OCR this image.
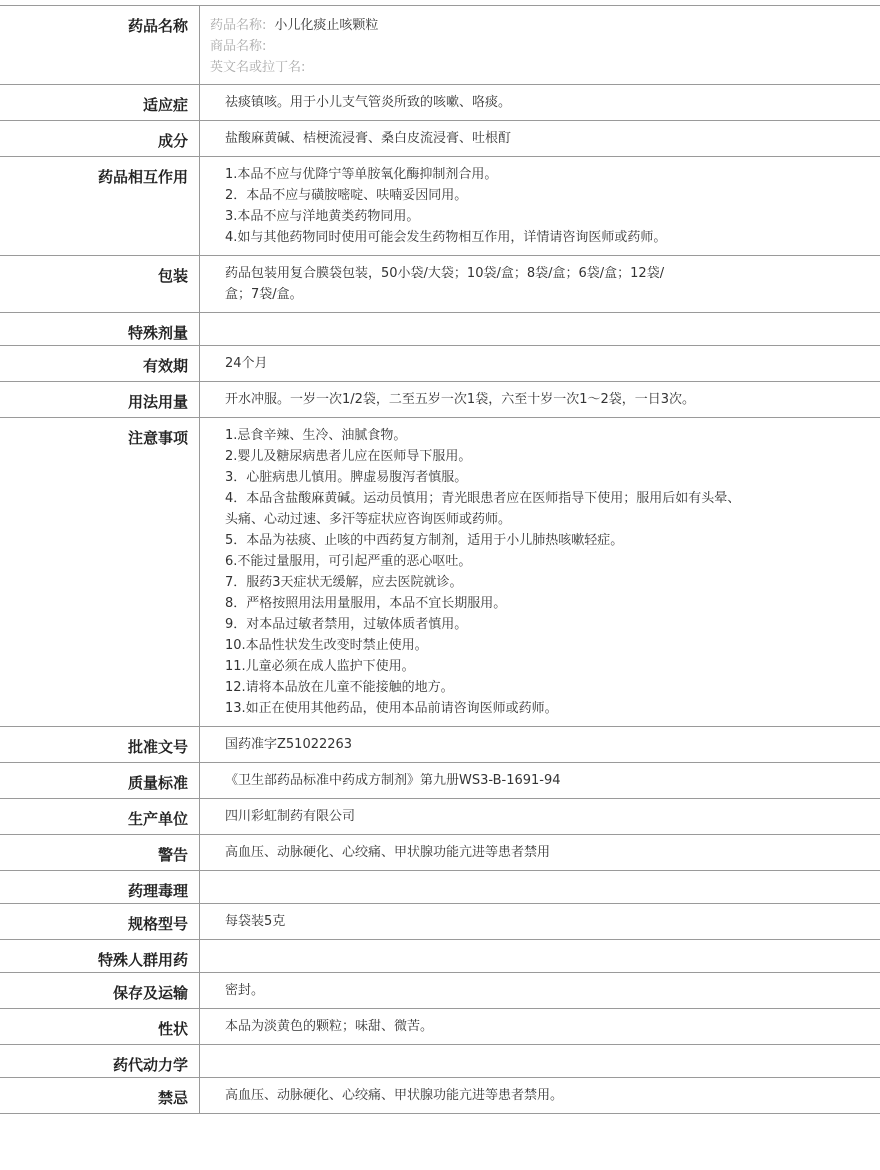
药品名称	药品名称: 小儿化痰止咳颗粒
商品名称:
英文名或拉丁名:
适应症	祛痰镇咳。用于小儿支气管炎所致的咳嗽、咯痰。
成分	盐酸麻黄碱、桔梗流浸膏、桑白皮流浸膏、吐根酊
药品相互作用	1.本品不应与优降宁等单胺氧化酶抑制剂合用。
2．本品不应与磺胺嘧啶、呋喃妥因同用。
3.本品不应与洋地黄类药物同用。
4.如与其他药物同时使用可能会发生药物相互作用，详情请咨询医师或药师。
包装	药品包装用复合膜袋包装，50小袋/大袋；10袋/盒；8袋/盒；6袋/盒；12袋/
盒；7袋/盒。
特殊剂量
有效期	24个月
用法用量	开水冲服。一岁一次1/2袋，二至五岁一次1袋，六至十岁一次1～2袋，一日3次。
注意事项	1.忌食辛辣、生冷、油腻食物。
2.婴儿及糖尿病患者儿应在医师导下服用。
3．心脏病患儿慎用。脾虚易腹泻者慎服。
4．本品含盐酸麻黄碱。运动员慎用；青光眼患者应在医师指导下使用；服用后如有头晕、
头痛、心动过速、多汗等症状应咨询医师或药师。
5．本品为祛痰、止咳的中西药复方制剂，适用于小儿肺热咳嗽轻症。
6.不能过量服用，可引起严重的恶心呕吐。
7．服药3天症状无缓解，应去医院就诊。
8．严格按照用法用量服用，本品不宜长期服用。
9．对本品过敏者禁用，过敏体质者慎用。
10.本品性状发生改变时禁止使用。
11.儿童必须在成人监护下使用。
12.请将本品放在儿童不能接触的地方。
13.如正在使用其他药品，使用本品前请咨询医师或药师。
批准文号	国药准字Z51022263
质量标准	《卫生部药品标准中药成方制剂》第九册WS3-B-1691-94
生产单位	四川彩虹制药有限公司
警告	高血压、动脉硬化、心绞痛、甲状腺功能亢进等患者禁用
药理毒理
规格型号	每袋装5克
特殊人群用药
保存及运输	密封。
性状	本品为淡黄色的颗粒；味甜、微苦。
药代动力学
禁忌	高血压、动脉硬化、心绞痛、甲状腺功能亢进等患者禁用。
